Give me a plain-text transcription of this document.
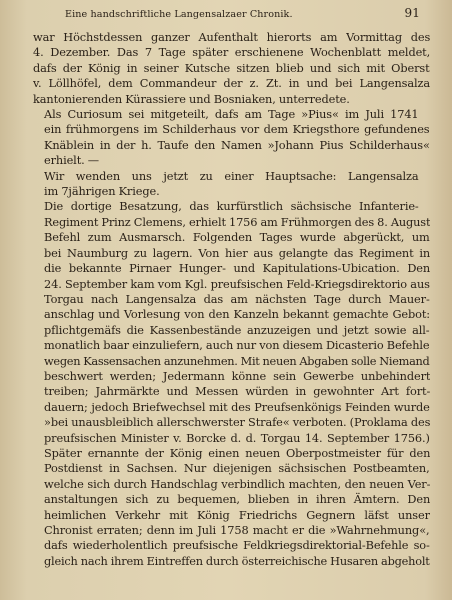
Eine handschriftliche Langensalzaer Chronik.	91

war Höchstdessen ganzer Aufenthalt hierorts am Vormittag des
4. Dezember. Das 7 Tage später erschienene Wochenblatt meldet,
dafs der König in seiner Kutsche sitzen blieb und sich mit Oberst
v. Löllhöfel, dem Commandeur der z. Zt. in und bei Langensalza
kantonierenden Kürassiere und Bosniaken, unterredete.

Als Curiosum sei mitgeteilt, dafs am Tage »Pius« im Juli 1741
ein frühmorgens im Schilderhaus vor dem Kriegsthore gefundenes
Knäblein in der h. Taufe den Namen »Johann Pius Schilderhaus«
erhielt. —

Wir wenden uns jetzt zu einer Hauptsache: Langensalza
im 7jährigen Kriege.

Die dortige Besatzung, das kurfürstlich sächsische Infanterie-
Regiment Prinz Clemens, erhielt 1756 am Frühmorgen des 8. August
Befehl zum Ausmarsch. Folgenden Tages wurde abgerückt, um
bei Naumburg zu lagern. Von hier aus gelangte das Regiment in
die bekannte Pirnaer Hunger- und Kapitulations-Ubication. Den
24. September kam vom Kgl. preufsischen Feld-Kriegsdirektorio aus
Torgau nach Langensalza das am nächsten Tage durch Mauer-
anschlag und Vorlesung von den Kanzeln bekannt gemachte Gebot:
pflichtgemäfs die Kassenbestände anzuzeigen und jetzt sowie all-
monatlich baar einzuliefern, auch nur von diesem Dicasterio Befehle
wegen Kassensachen anzunehmen. Mit neuen Abgaben solle Niemand
beschwert werden; Jedermann könne sein Gewerbe unbehindert
treiben; Jahrmärkte und Messen würden in gewohnter Art fort-
dauern; jedoch Briefwechsel mit des Preufsenkönigs Feinden wurde
»bei unausbleiblich allerschwerster Strafe« verboten. (Proklama des
preufsischen Minister v. Borcke d. d. Torgau 14. September 1756.)
Später ernannte der König einen neuen Oberpostmeister für den
Postdienst in Sachsen. Nur diejenigen sächsischen Postbeamten,
welche sich durch Handschlag verbindlich machten, den neuen Ver-
anstaltungen sich zu bequemen, blieben in ihren Ämtern. Den
heimlichen Verkehr mit König Friedrichs Gegnern läfst unser
Chronist erraten; denn im Juli 1758 macht er die »Wahrnehmung«,
dafs wiederholentlich preufsische Feldkriegsdirektorial-Befehle so-
gleich nach ihrem Eintreffen durch österreichische Husaren abgeholt
